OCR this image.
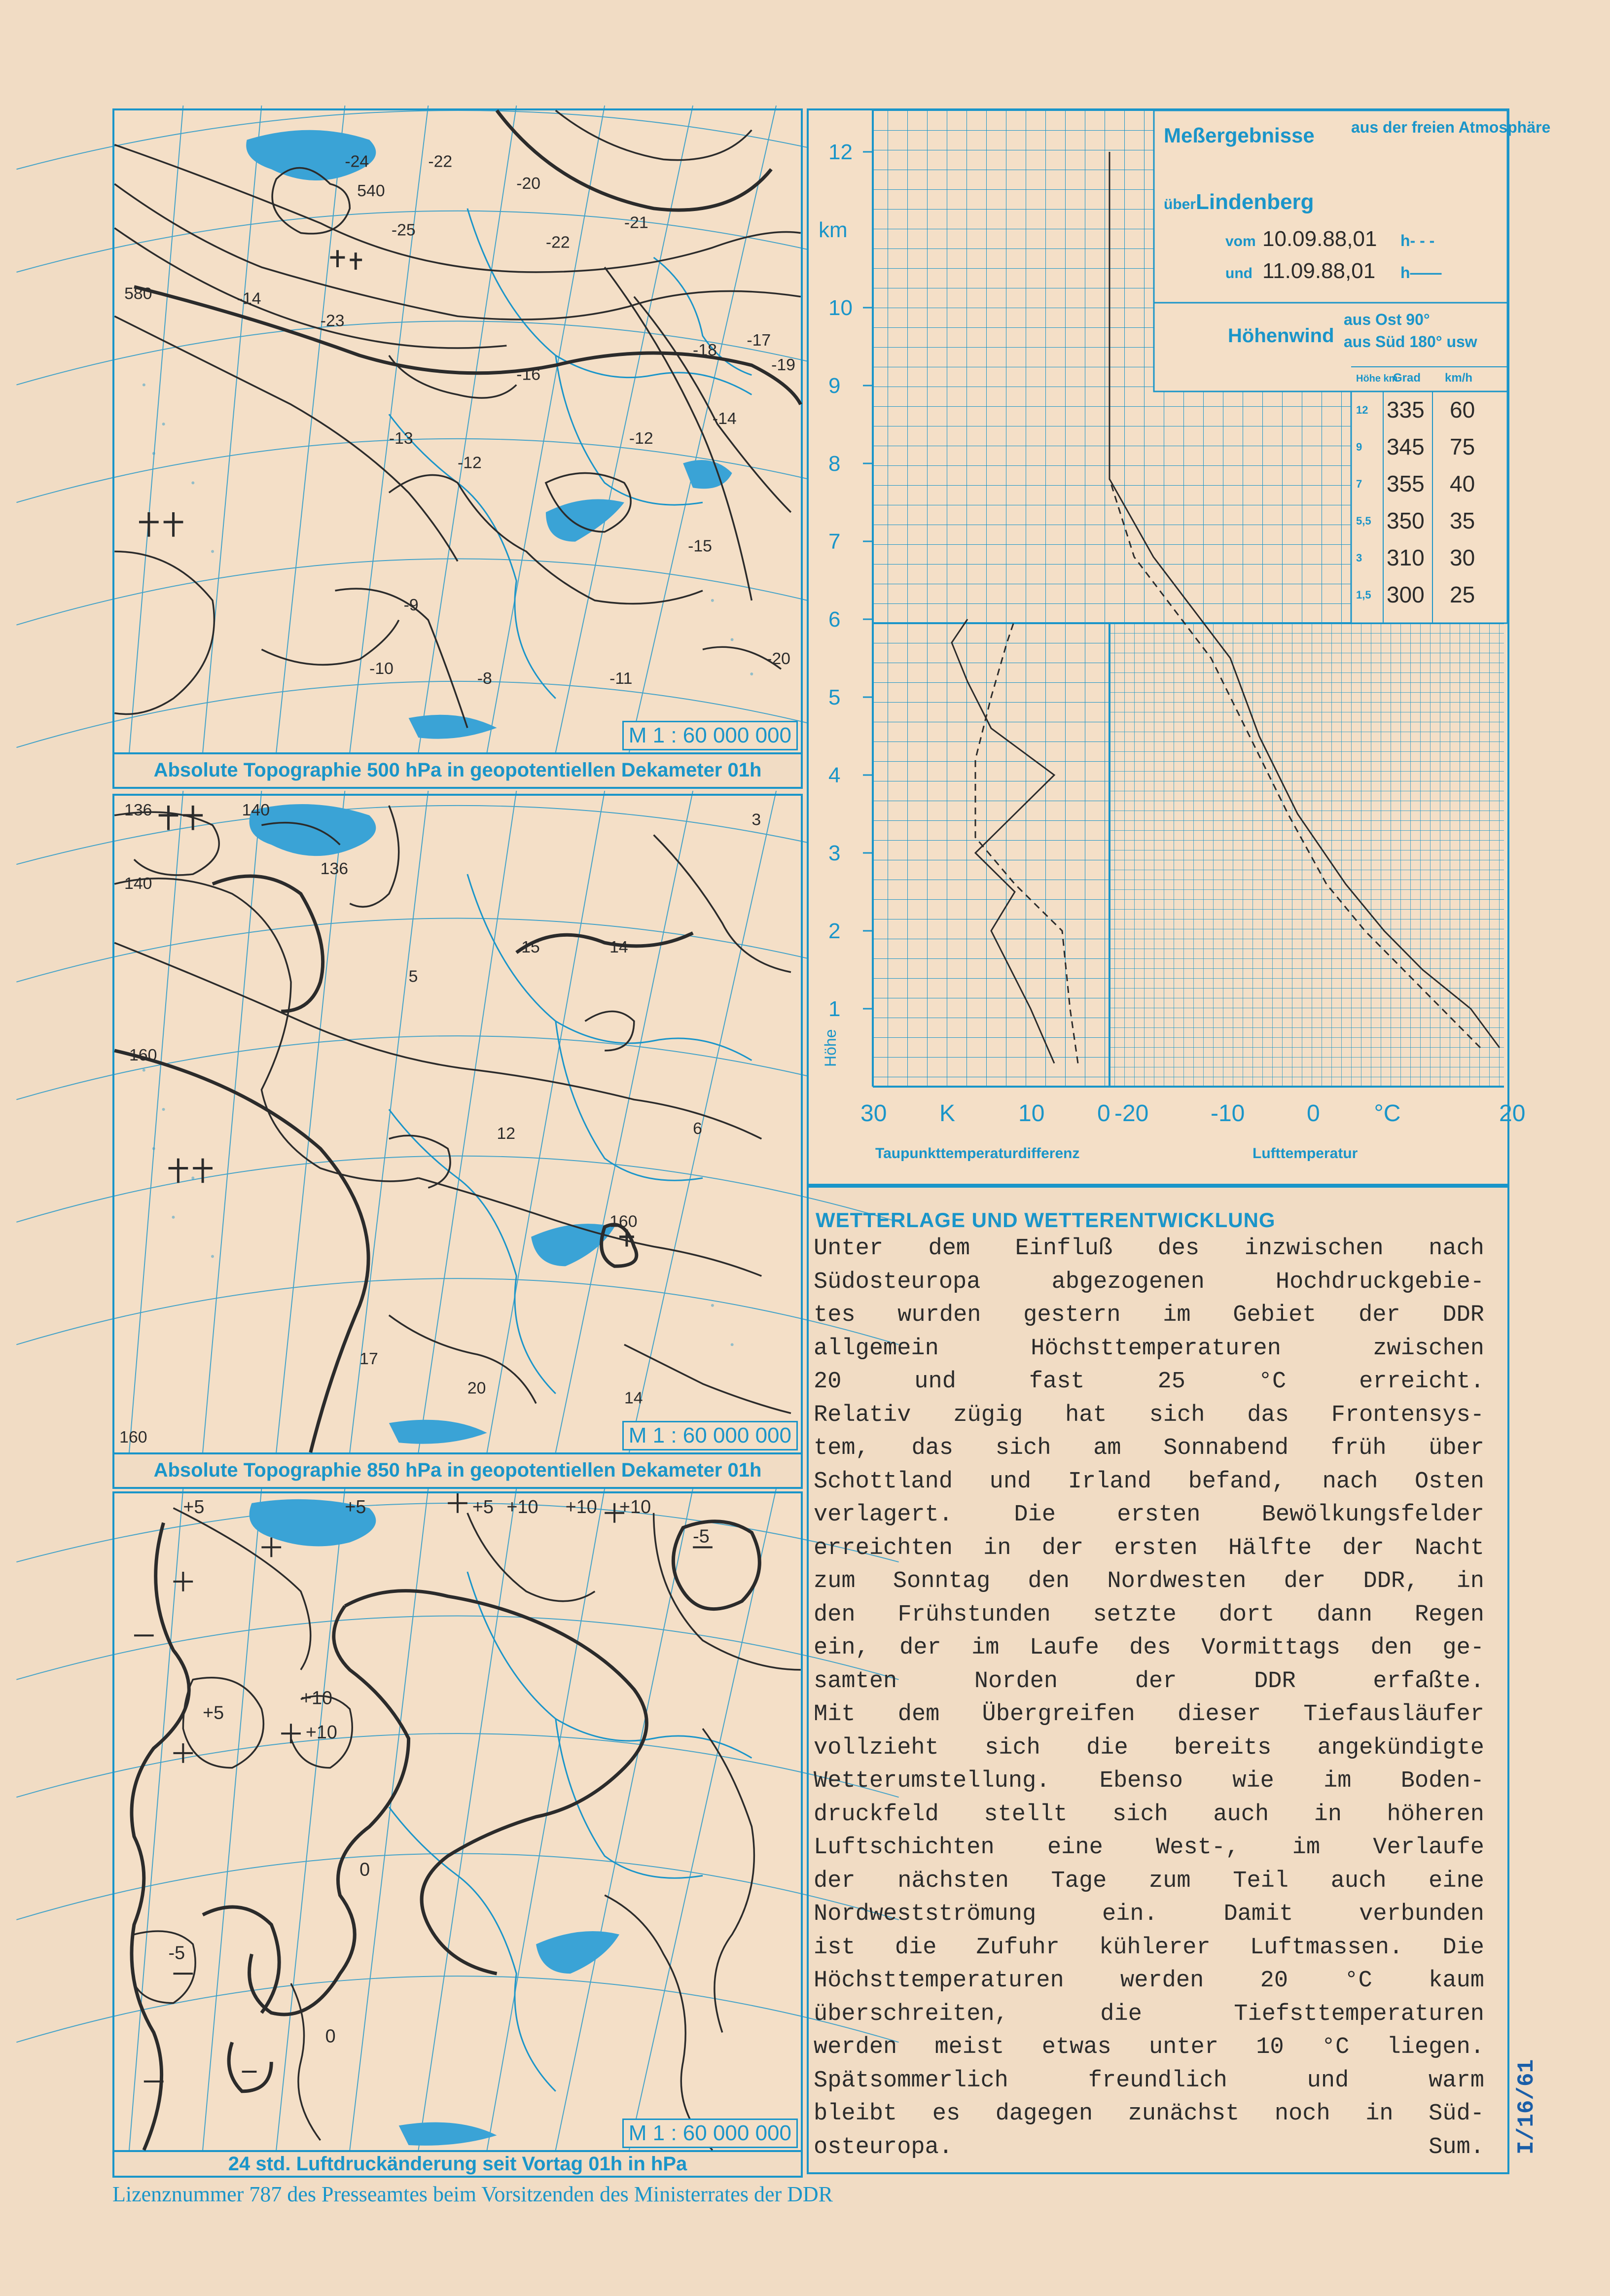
580
540
-24
-25
-22
-20
-21
-22
-14
-23
-16
-13
-12
-10
-9
-8	-11
-12
-17
-19
-14
-15
-18
-20
M 1 : 60 000 000
Absolute Topographie 500 hPa in geopotentiellen Dekameter 01h
136	140
140
136
160
160
160
15	14
12
17
20
14
5
3
6
M 1 : 60 000 000
Absolute Topographie 850 hPa in geopotentiellen Dekameter 01h
+5	+5	+5 +10 +10
+10
+5
+10
+10
-5
-5
0
0
M 1 : 60 000 000
24 std. Luftdruckänderung seit Vortag 01h in hPa
Meßergebnisse aus der freien Atmosphäre
über Lindenberg
vom 10.09.88,01 h- - -
und 11.09.88,01 h——
Höhenwind
aus Ost 90°
aus Süd 180° usw
Höhe km
Grad km/h
12 335 60
9 345 75
7 355 40
5,5 350 35
3 310 30
1,5 300 25
12
10
9
8
7
6
5
4
3
2
1
km
Höhe
30 K	10 0 -20	-10	0 °C	20
Taupunkttemperaturdifferenz	Lufttemperatur
WETTERLAGE UND WETTERENTWICKLUNG

Unter dem Einfluß des inzwischen nach

Südosteuropa abgezogenen Hochdruckgebie-

tes wurden gestern im Gebiet der DDR

allgemein Höchsttemperaturen zwischen

20 und fast 25 °C erreicht.

Relativ zügig hat sich das Frontensys-

tem, das sich am Sonnabend früh über

Schottland und Irland befand, nach Osten

verlagert. Die ersten Bewölkungsfelder

erreichten in der ersten Hälfte der Nacht

zum Sonntag den Nordwesten der DDR, in

den Frühstunden setzte dort dann Regen

ein, der im Laufe des Vormittags den ge-

samten Norden der DDR erfaßte.

Mit dem Übergreifen dieser Tiefausläufer

vollzieht sich die bereits angekündigte

Wetterumstellung. Ebenso wie im Boden-

druckfeld stellt sich auch in höheren

Luftschichten eine West-, im Verlaufe

der nächsten Tage zum Teil auch eine

Nordwestströmung ein. Damit verbunden

ist die Zufuhr kühlerer Luftmassen. Die

Höchsttemperaturen werden 20 °C kaum

überschreiten, die Tiefsttemperaturen

werden meist etwas unter 10 °C liegen.

Spätsommerlich freundlich und warm

bleibt es dagegen zunächst noch in Süd-

osteuropa.	Sum.

Lizenznummer 787 des Presseamtes beim Vorsitzenden des Ministerrates der DDR
I/16/61
